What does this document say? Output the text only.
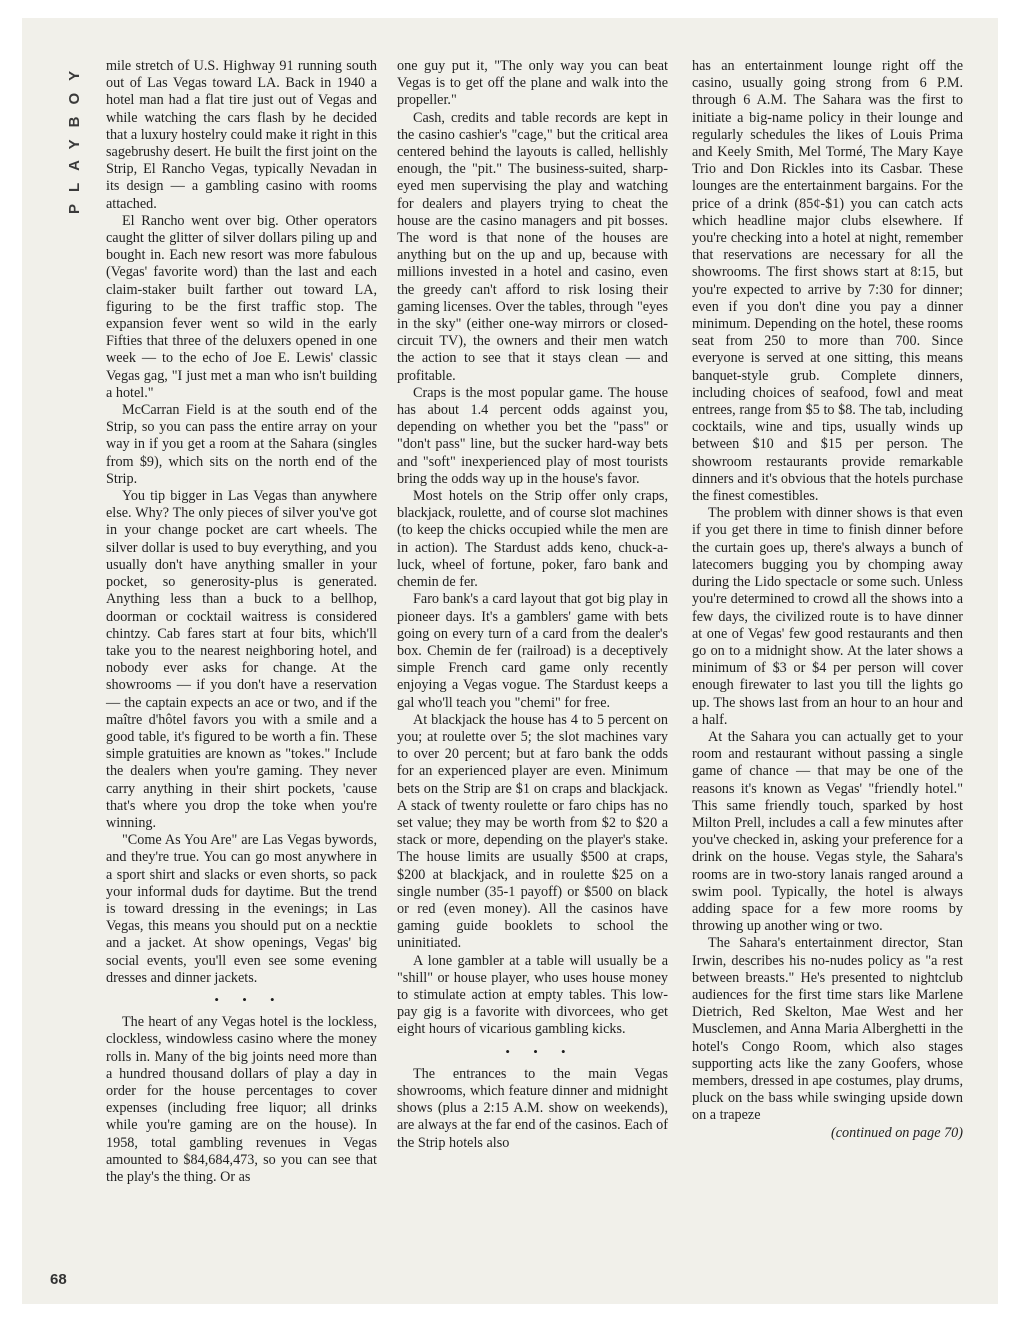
PLAYBOY
68

mile stretch of U.S. Highway 91 running south out of Las Vegas toward LA. Back in 1940 a hotel man had a flat tire just out of Vegas and while watching the cars flash by he decided that a luxury hostelry could make it right in this sagebrushy desert. He built the first joint on the Strip, El Rancho Vegas, typically Nevadan in its design — a gambling casino with rooms attached.

El Rancho went over big. Other operators caught the glitter of silver dollars piling up and bought in. Each new resort was more fabulous (Vegas' favorite word) than the last and each claim-staker built farther out toward LA, figuring to be the first traffic stop. The expansion fever went so wild in the early Fifties that three of the deluxers opened in one week — to the echo of Joe E. Lewis' classic Vegas gag, "I just met a man who isn't building a hotel."

McCarran Field is at the south end of the Strip, so you can pass the entire array on your way in if you get a room at the Sahara (singles from $9), which sits on the north end of the Strip.

You tip bigger in Las Vegas than anywhere else. Why? The only pieces of silver you've got in your change pocket are cart wheels. The silver dollar is used to buy everything, and you usually don't have anything smaller in your pocket, so generosity-plus is generated. Anything less than a buck to a bellhop, doorman or cocktail waitress is considered chintzy. Cab fares start at four bits, which'll take you to the nearest neighboring hotel, and nobody ever asks for change. At the showrooms — if you don't have a reservation — the captain expects an ace or two, and if the maître d'hôtel favors you with a smile and a good table, it's figured to be worth a fin. These simple gratuities are known as "tokes." Include the dealers when you're gaming. They never carry anything in their shirt pockets, 'cause that's where you drop the toke when you're winning.

"Come As You Are" are Las Vegas bywords, and they're true. You can go most anywhere in a sport shirt and slacks or even shorts, so pack your informal duds for daytime. But the trend is toward dressing in the evenings; in Las Vegas, this means you should put on a necktie and a jacket. At show openings, Vegas' big social events, you'll even see some evening dresses and dinner jackets.

• • •

The heart of any Vegas hotel is the lockless, clockless, windowless casino where the money rolls in. Many of the big joints need more than a hundred thousand dollars of play a day in order for the house percentages to cover expenses (including free liquor; all drinks while you're gaming are on the house). In 1958, total gambling revenues in Vegas amounted to $84,684,473, so you can see that the play's the thing. Or as

one guy put it, "The only way you can beat Vegas is to get off the plane and walk into the propeller."

Cash, credits and table records are kept in the casino cashier's "cage," but the critical area centered behind the layouts is called, hellishly enough, the "pit." The business-suited, sharp-eyed men supervising the play and watching for dealers and players trying to cheat the house are the casino managers and pit bosses. The word is that none of the houses are anything but on the up and up, because with millions invested in a hotel and casino, even the greedy can't afford to risk losing their gaming licenses. Over the tables, through "eyes in the sky" (either one-way mirrors or closed-circuit TV), the owners and their men watch the action to see that it stays clean — and profitable.

Craps is the most popular game. The house has about 1.4 percent odds against you, depending on whether you bet the "pass" or "don't pass" line, but the sucker hard-way bets and "soft" inexperienced play of most tourists bring the odds way up in the house's favor.

Most hotels on the Strip offer only craps, blackjack, roulette, and of course slot machines (to keep the chicks occupied while the men are in action). The Stardust adds keno, chuck-a-luck, wheel of fortune, poker, faro bank and chemin de fer.

Faro bank's a card layout that got big play in pioneer days. It's a gamblers' game with bets going on every turn of a card from the dealer's box. Chemin de fer (railroad) is a deceptively simple French card game only recently enjoying a Vegas vogue. The Stardust keeps a gal who'll teach you "chemi" for free.

At blackjack the house has 4 to 5 percent on you; at roulette over 5; the slot machines vary to over 20 percent; but at faro bank the odds for an experienced player are even. Minimum bets on the Strip are $1 on craps and blackjack. A stack of twenty roulette or faro chips has no set value; they may be worth from $2 to $20 a stack or more, depending on the player's stake. The house limits are usually $500 at craps, $200 at blackjack, and in roulette $25 on a single number (35-1 payoff) or $500 on black or red (even money). All the casinos have gaming guide booklets to school the uninitiated.

A lone gambler at a table will usually be a "shill" or house player, who uses house money to stimulate action at empty tables. This low-pay gig is a favorite with divorcees, who get eight hours of vicarious gambling kicks.

• • •

The entrances to the main Vegas showrooms, which feature dinner and midnight shows (plus a 2:15 A.M. show on weekends), are always at the far end of the casinos. Each of the Strip hotels also

has an entertainment lounge right off the casino, usually going strong from 6 P.M. through 6 A.M. The Sahara was the first to initiate a big-name policy in their lounge and regularly schedules the likes of Louis Prima and Keely Smith, Mel Tormé, The Mary Kaye Trio and Don Rickles into its Casbar. These lounges are the entertainment bargains. For the price of a drink (85¢-$1) you can catch acts which headline major clubs elsewhere. If you're checking into a hotel at night, remember that reservations are necessary for all the showrooms. The first shows start at 8:15, but you're expected to arrive by 7:30 for dinner; even if you don't dine you pay a dinner minimum. Depending on the hotel, these rooms seat from 250 to more than 700. Since everyone is served at one sitting, this means banquet-style grub. Complete dinners, including choices of seafood, fowl and meat entrees, range from $5 to $8. The tab, including cocktails, wine and tips, usually winds up between $10 and $15 per person. The showroom restaurants provide remarkable dinners and it's obvious that the hotels purchase the finest comestibles.

The problem with dinner shows is that even if you get there in time to finish dinner before the curtain goes up, there's always a bunch of latecomers bugging you by chomping away during the Lido spectacle or some such. Unless you're determined to crowd all the shows into a few days, the civilized route is to have dinner at one of Vegas' few good restaurants and then go on to a midnight show. At the later shows a minimum of $3 or $4 per person will cover enough firewater to last you till the lights go up. The shows last from an hour to an hour and a half.

At the Sahara you can actually get to your room and restaurant without passing a single game of chance — that may be one of the reasons it's known as Vegas' "friendly hotel." This same friendly touch, sparked by host Milton Prell, includes a call a few minutes after you've checked in, asking your preference for a drink on the house. Vegas style, the Sahara's rooms are in two-story lanais ranged around a swim pool. Typically, the hotel is always adding space for a few more rooms by throwing up another wing or two.

The Sahara's entertainment director, Stan Irwin, describes his no-nudes policy as "a rest between breasts." He's presented to nightclub audiences for the first time stars like Marlene Dietrich, Red Skelton, Mae West and her Musclemen, and Anna Maria Alberghetti in the hotel's Congo Room, which also stages supporting acts like the zany Goofers, whose members, dressed in ape costumes, play drums, pluck on the bass while swinging upside down on a trapeze

(continued on page 70)
